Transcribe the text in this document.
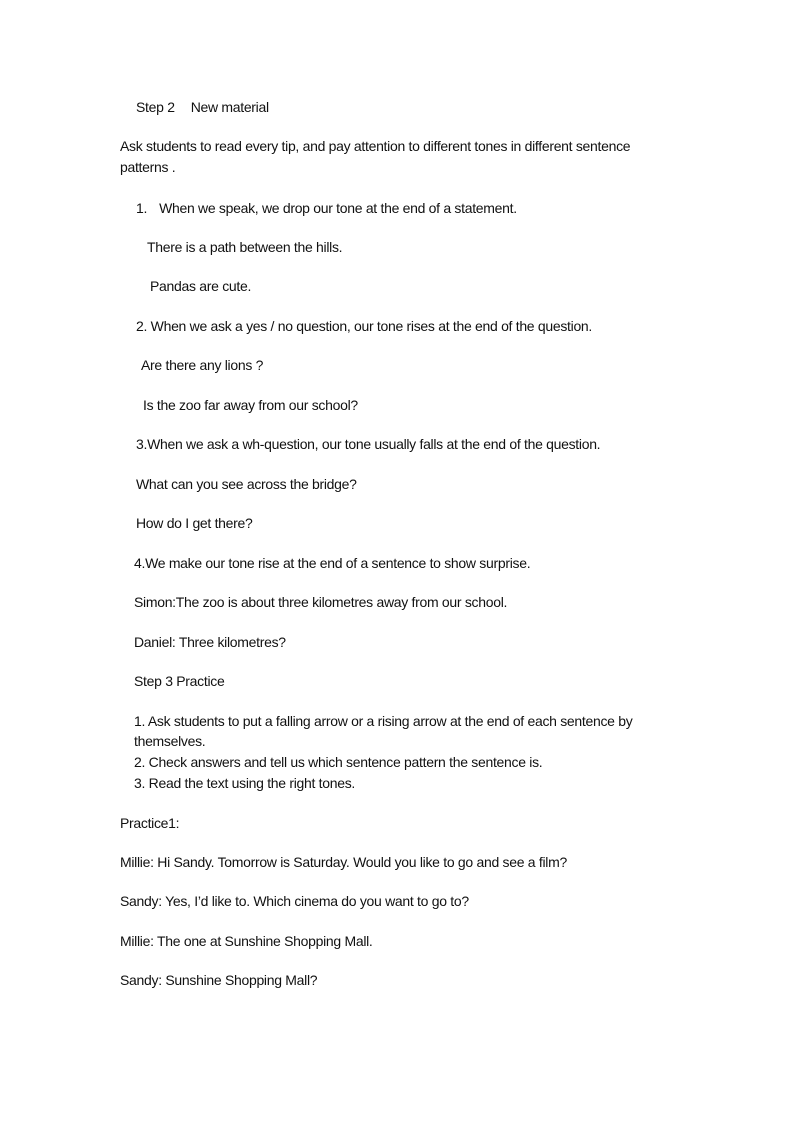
Step 2 New material
Ask students to read every tip, and pay attention to different tones in different sentence
patterns .
1. When we speak, we drop our tone at the end of a statement.
There is a path between the hills.
Pandas are cute.
2. When we ask a yes / no question, our tone rises at the end of the question.
Are there any lions ?
Is the zoo far away from our school?
3.When we ask a wh-question, our tone usually falls at the end of the question.
What can you see across the bridge?
How do I get there?
4.We make our tone rise at the end of a sentence to show surprise.
Simon:The zoo is about three kilometres away from our school.
Daniel: Three kilometres?
Step 3 Practice
1. Ask students to put a falling arrow or a rising arrow at the end of each sentence by
themselves.
2. Check answers and tell us which sentence pattern the sentence is.
3. Read the text using the right tones.
Practice1:
Millie: Hi Sandy. Tomorrow is Saturday. Would you like to go and see a film?
Sandy: Yes, I’d like to. Which cinema do you want to go to?
Millie: The one at Sunshine Shopping Mall.
Sandy: Sunshine Shopping Mall?
